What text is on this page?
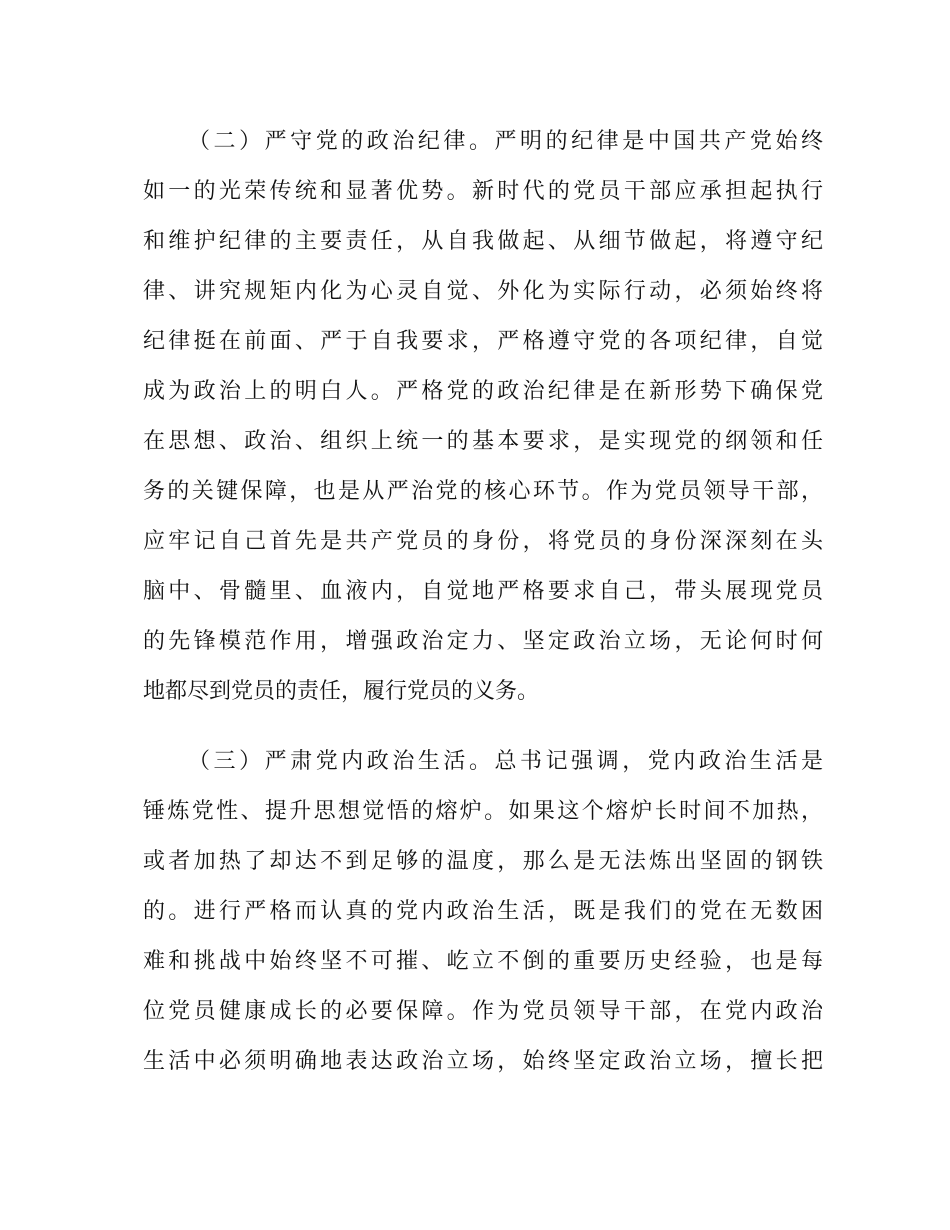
（二）严守党的政治纪律。严明的纪律是中国共产党始终
如一的光荣传统和显著优势。新时代的党员干部应承担起执行
和维护纪律的主要责任，从自我做起、从细节做起，将遵守纪
律、讲究规矩内化为心灵自觉、外化为实际行动，必须始终将
纪律挺在前面、严于自我要求，严格遵守党的各项纪律，自觉
成为政治上的明白人。严格党的政治纪律是在新形势下确保党
在思想、政治、组织上统一的基本要求，是实现党的纲领和任
务的关键保障，也是从严治党的核心环节。作为党员领导干部，
应牢记自己首先是共产党员的身份，将党员的身份深深刻在头
脑中、骨髓里、血液内，自觉地严格要求自己，带头展现党员
的先锋模范作用，增强政治定力、坚定政治立场，无论何时何
地都尽到党员的责任，履行党员的义务。
（三）严肃党内政治生活。总书记强调，党内政治生活是
锤炼党性、提升思想觉悟的熔炉。如果这个熔炉长时间不加热，
或者加热了却达不到足够的温度，那么是无法炼出坚固的钢铁
的。进行严格而认真的党内政治生活，既是我们的党在无数困
难和挑战中始终坚不可摧、屹立不倒的重要历史经验，也是每
位党员健康成长的必要保障。作为党员领导干部，在党内政治
生活中必须明确地表达政治立场，始终坚定政治立场，擅长把
